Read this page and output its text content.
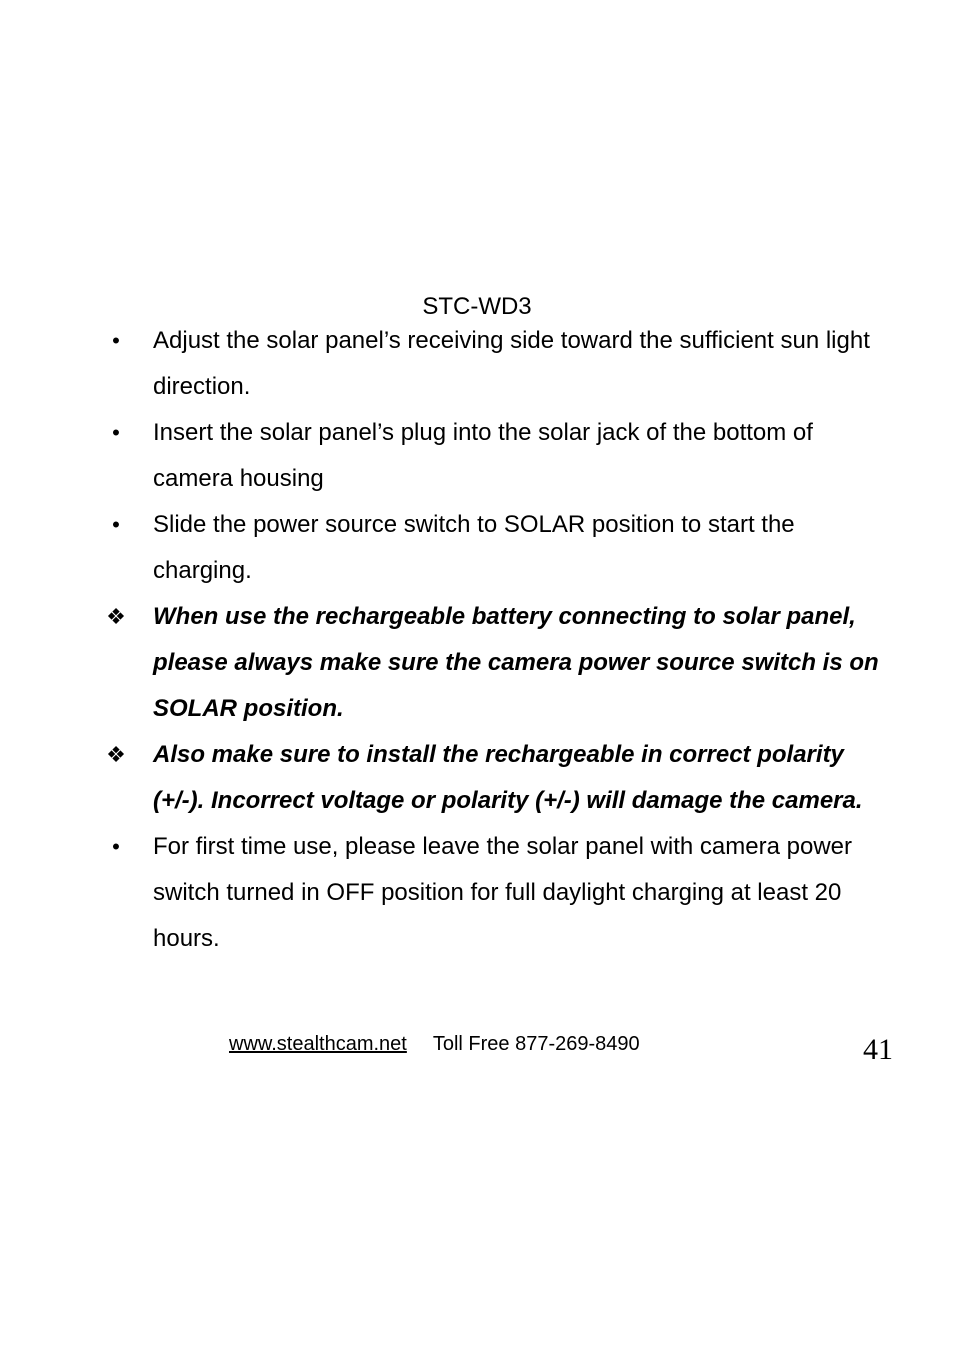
STC-WD3
•	Adjust the solar panel’s receiving side toward the sufficient sun light direction.
•	Insert the solar panel’s plug into the solar jack of the bottom of camera housing
•	Slide the power source switch to SOLAR position to start the charging.
❖ When use the rechargeable battery connecting to solar panel, please always make sure the camera power source switch is on SOLAR position.
❖ Also make sure to install the rechargeable in correct polarity (+/-). Incorrect voltage or polarity (+/-) will damage the camera.
•	For first time use, please leave the solar panel with camera power switch turned in OFF position for full daylight charging at least 20 hours.
www.stealthcam.net Toll Free 877-269-8490	41
